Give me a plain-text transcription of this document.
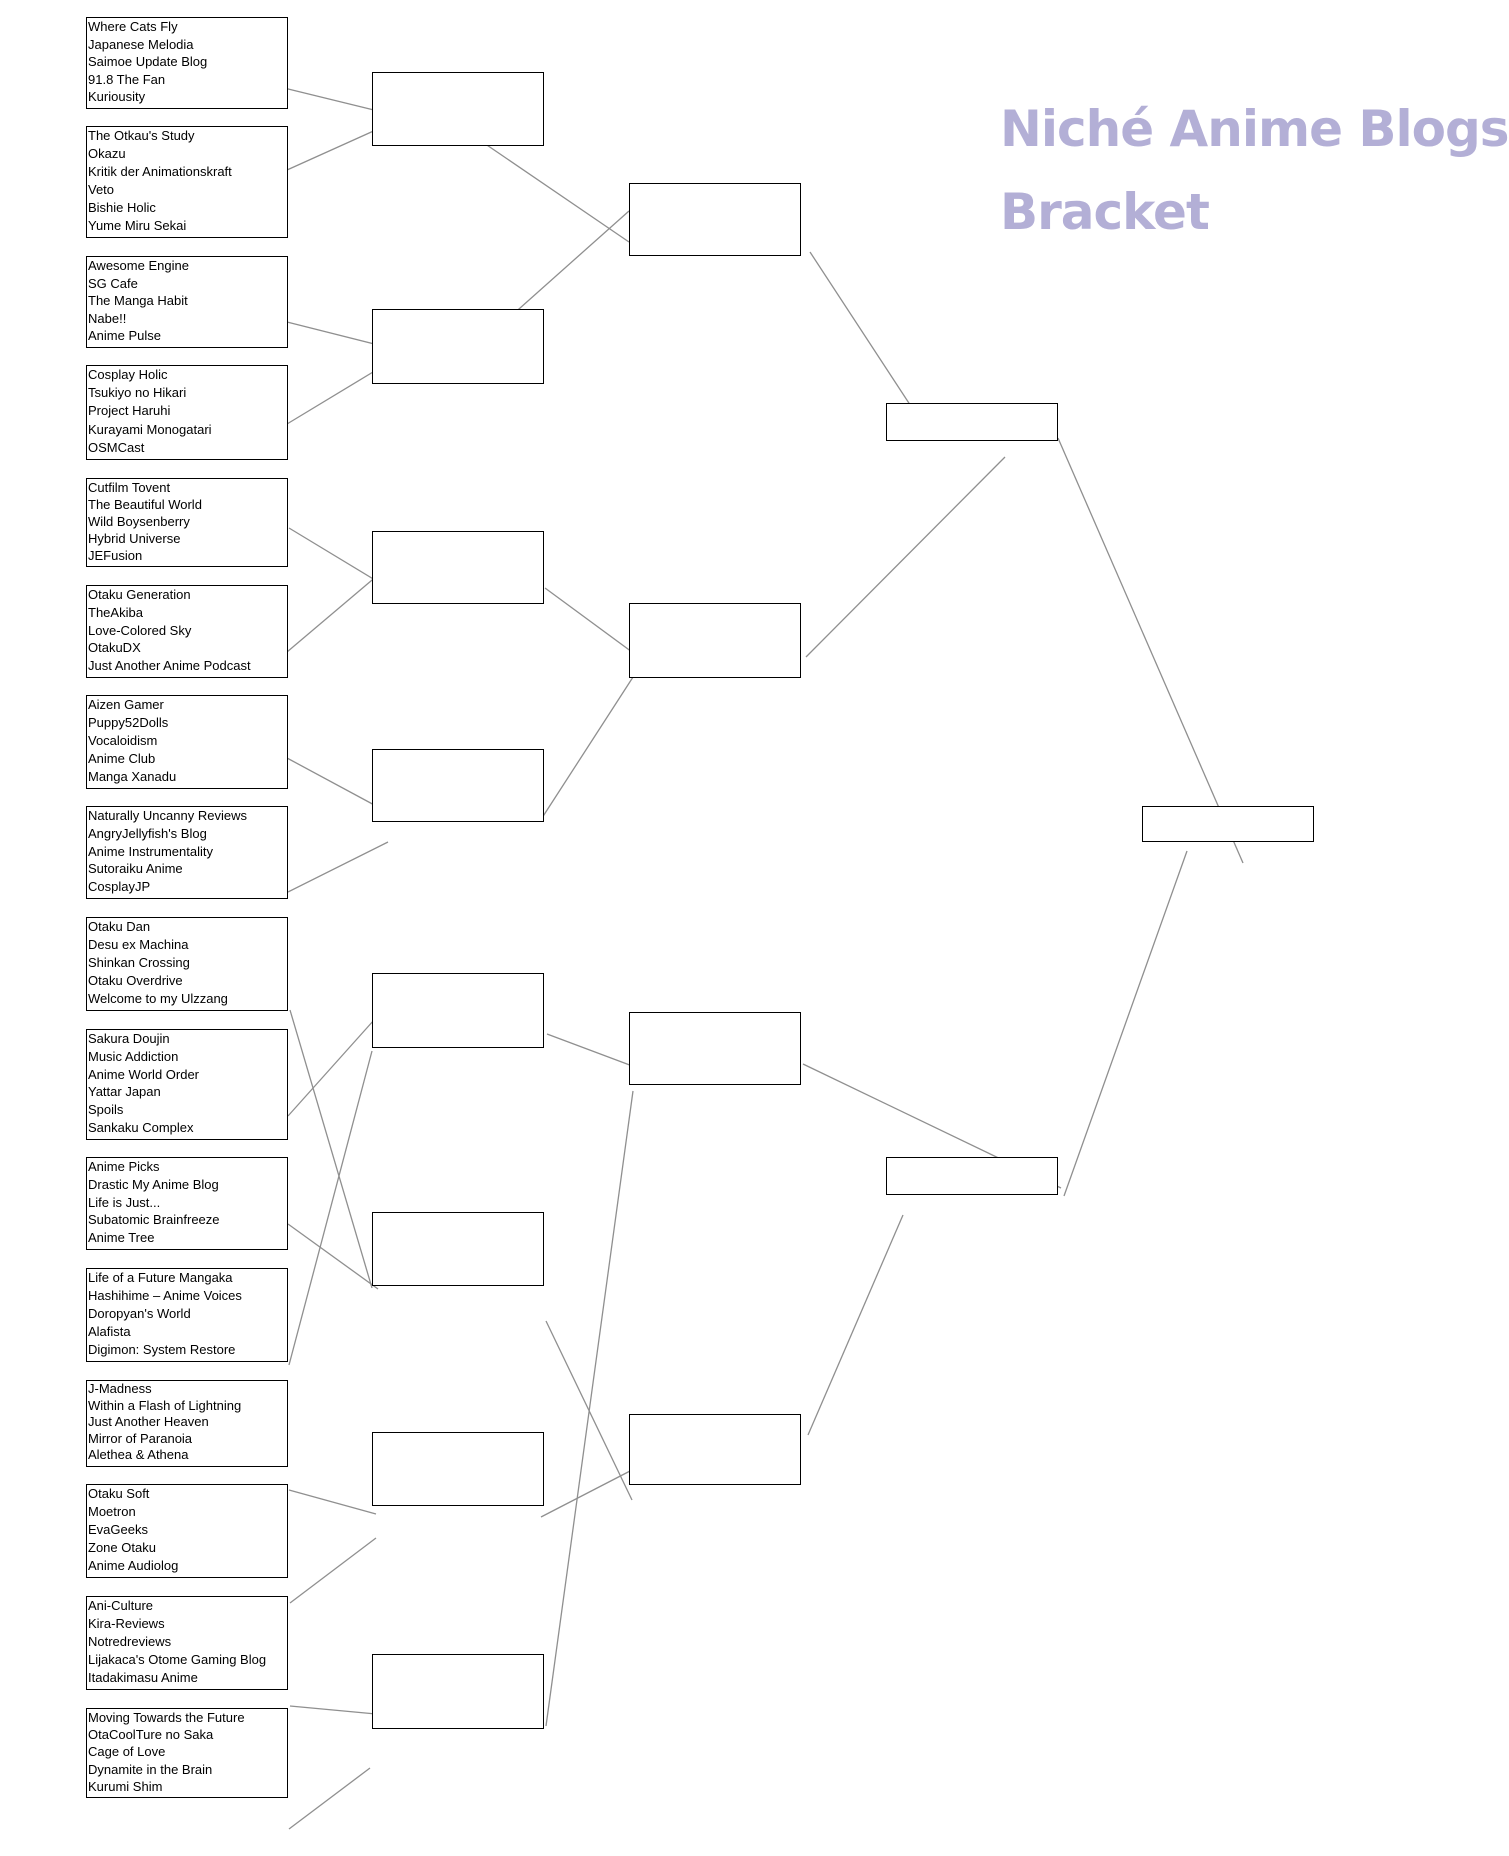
Niché Anime Blogs
Bracket
Where Cats Fly
Japanese Melodia
Saimoe Update Blog
91.8 The Fan
Kuriousity
The Otkau's Study
Okazu
Kritik der Animationskraft
Veto
Bishie Holic
Yume Miru Sekai
Awesome Engine
SG Cafe
The Manga Habit
Nabe!!
Anime Pulse
Cosplay Holic
Tsukiyo no Hikari
Project Haruhi
Kurayami Monogatari
OSMCast
Cutfilm Tovent
The Beautiful World
Wild Boysenberry
Hybrid Universe
JEFusion
Otaku Generation
TheAkiba
Love-Colored Sky
OtakuDX
Just Another Anime Podcast
Aizen Gamer
Puppy52Dolls
Vocaloidism
Anime Club
Manga Xanadu
Naturally Uncanny Reviews
AngryJellyfish's Blog
Anime Instrumentality
Sutoraiku Anime
CosplayJP
Otaku Dan
Desu ex Machina
Shinkan Crossing
Otaku Overdrive
Welcome to my Ulzzang
Sakura Doujin
Music Addiction
Anime World Order
Yattar Japan
Spoils
Sankaku Complex
Anime Picks
Drastic My Anime Blog
Life is Just...
Subatomic Brainfreeze
Anime Tree
Life of a Future Mangaka
Hashihime – Anime Voices
Doropyan's World
Alafista
Digimon: System Restore
J-Madness
Within a Flash of Lightning
Just Another Heaven
Mirror of Paranoia
Alethea & Athena
Otaku Soft
Moetron
EvaGeeks
Zone Otaku
Anime Audiolog
Ani-Culture
Kira-Reviews
Notredreviews
Lijakaca's Otome Gaming Blog
Itadakimasu Anime
Moving Towards the Future
OtaCoolTure no Saka
Cage of Love
Dynamite in the Brain
Kurumi Shim
